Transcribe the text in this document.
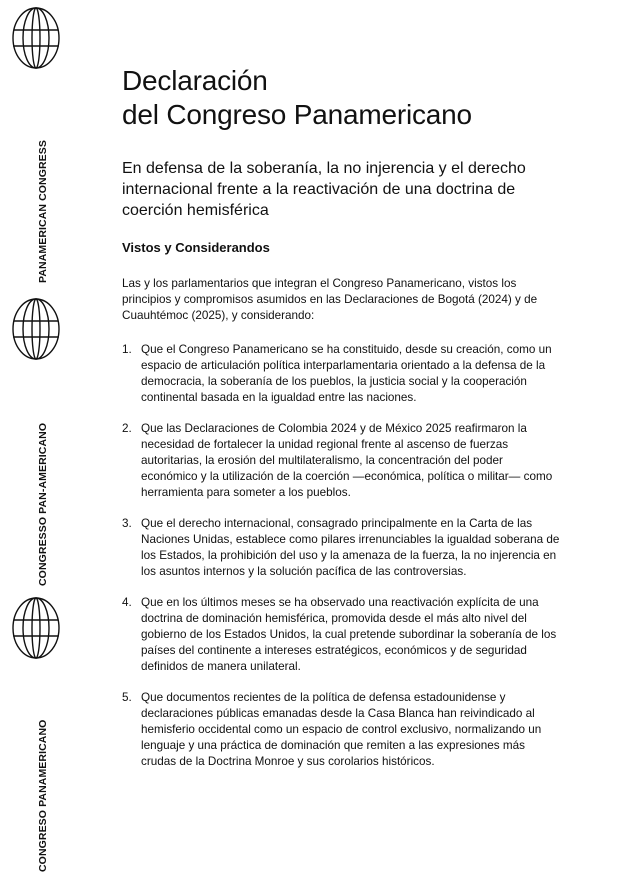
PANAMERICAN CONGRESS
CONGRESSO PAN-AMERICANO
CONGRESO PANAMERICANO
Declaración
del Congreso Panamericano

En defensa de la soberanía, la no injerencia y el derecho internacional frente a la reactivación de una doctrina de coerción hemisférica

Vistos y Considerandos

Las y los parlamentarios que integran el Congreso Panamericano, vistos los principios y compromisos asumidos en las Declaraciones de Bogotá (2024) y de Cuauhtémoc (2025), y considerando:

1. Que el Congreso Panamericano se ha constituido, desde su creación, como un espacio de articulación política interparlamentaria orientado a la defensa de la democracia, la soberanía de los pueblos, la justicia social y la cooperación continental basada en la igualdad entre las naciones.
2. Que las Declaraciones de Colombia 2024 y de México 2025 reafirmaron la necesidad de fortalecer la unidad regional frente al ascenso de fuerzas autoritarias, la erosión del multilateralismo, la concentración del poder económico y la utilización de la coerción —económica, política o militar— como herramienta para someter a los pueblos.
3. Que el derecho internacional, consagrado principalmente en la Carta de las Naciones Unidas, establece como pilares irrenunciables la igualdad soberana de los Estados, la prohibición del uso y la amenaza de la fuerza, la no injerencia en los asuntos internos y la solución pacífica de las controversias.
4. Que en los últimos meses se ha observado una reactivación explícita de una doctrina de dominación hemisférica, promovida desde el más alto nivel del gobierno de los Estados Unidos, la cual pretende subordinar la soberanía de los países del continente a intereses estratégicos, económicos y de seguridad definidos de manera unilateral.
5. Que documentos recientes de la política de defensa estadounidense y declaraciones públicas emanadas desde la Casa Blanca han reivindicado al hemisferio occidental como un espacio de control exclusivo, normalizando un lenguaje y una práctica de dominación que remiten a las expresiones más crudas de la Doctrina Monroe y sus corolarios históricos.
